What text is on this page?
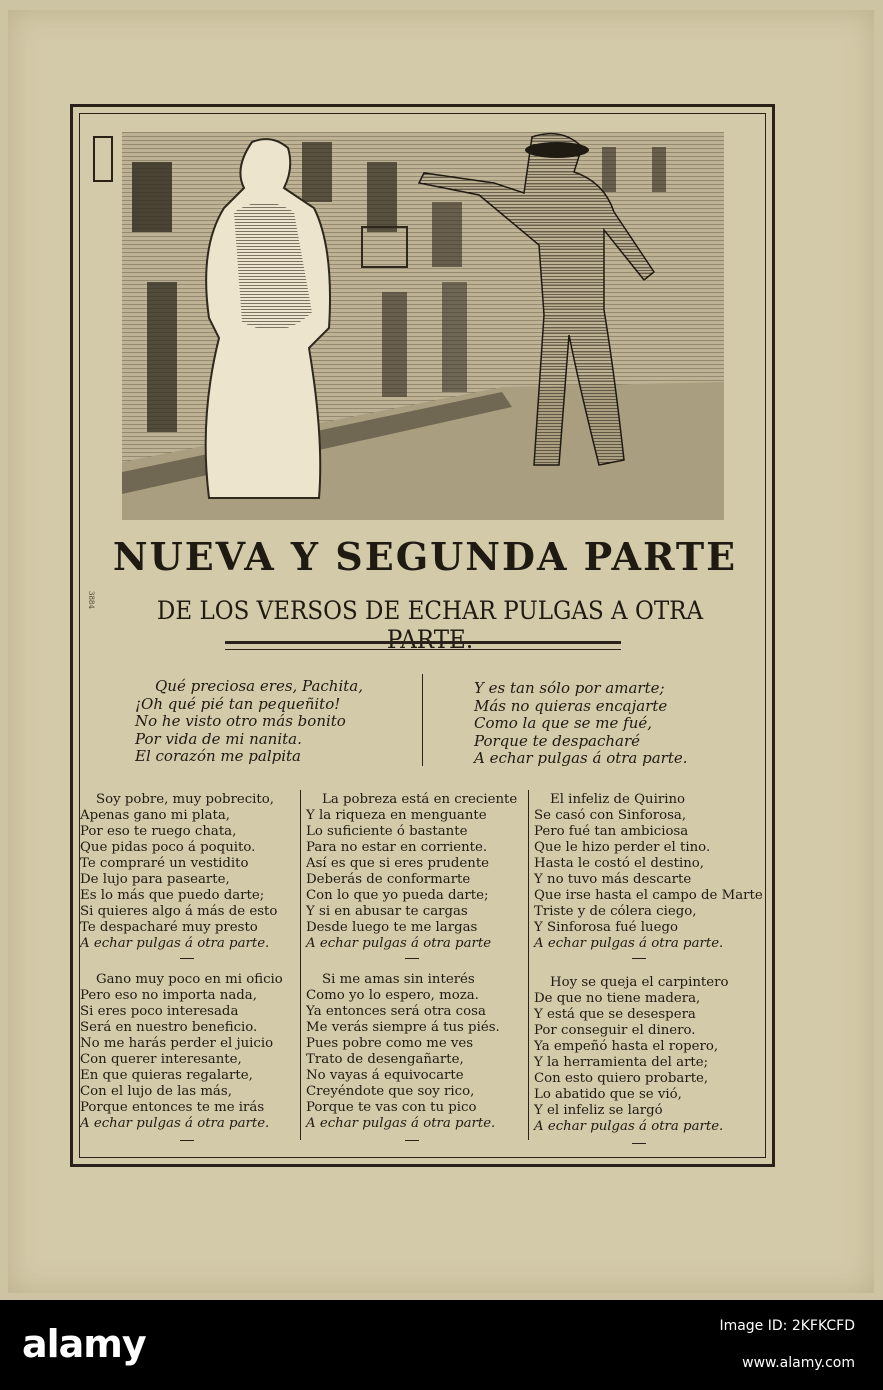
3884
NUEVA Y SEGUNDA PARTE
DE LOS VERSOS DE ECHAR PULGAS A OTRA PARTE.
Qué preciosa eres, Pachita,
¡Oh qué pié tan pequeñito!
No he visto otro más bonito
Por vida de mi nanita.
El corazón me palpita
Y es tan sólo por amarte;
Más no quieras encajarte
Como la que se me fué,
Porque te despacharé
A echar pulgas á otra parte.
Soy pobre, muy pobrecito,
Apenas gano mi plata,
Por eso te ruego chata,
Que pidas poco á poquito.
Te compraré un vestidito
De lujo para pasearte,
Es lo más que puedo darte;
Si quieres algo á más de esto
Te despacharé muy presto
A echar pulgas á otra parte.
Gano muy poco en mi oficio
Pero eso no importa nada,
Si eres poco interesada
Será en nuestro beneficio.
No me harás perder el juicio
Con querer interesante,
En que quieras regalarte,
Con el lujo de las más,
Porque entonces te me irás
A echar pulgas á otra parte.
La pobreza está en creciente
Y la riqueza en menguante
Lo suficiente ó bastante
Para no estar en corriente.
Así es que si eres prudente
Deberás de conformarte
Con lo que yo pueda darte;
Y si en abusar te cargas
Desde luego te me largas
A echar pulgas á otra parte
Si me amas sin interés
Como yo lo espero, moza.
Ya entonces será otra cosa
Me verás siempre á tus piés.
Pues pobre como me ves
Trato de desengañarte,
No vayas á equivocarte
Creyéndote que soy rico,
Porque te vas con tu pico
A echar pulgas á otra parte.
El infeliz de Quirino
Se casó con Sinforosa,
Pero fué tan ambiciosa
Que le hizo perder el tino.
Hasta le costó el destino,
Y no tuvo más descarte
Que irse hasta el campo de Marte
Triste y de cólera ciego,
Y Sinforosa fué luego
A echar pulgas á otra parte.
Hoy se queja el carpintero
De que no tiene madera,
Y está que se desespera
Por conseguir el dinero.
Ya empeñó hasta el ropero,
Y la herramienta del arte;
Con esto quiero probarte,
Lo abatido que se vió,
Y el infeliz se largó
A echar pulgas á otra parte.
alamy	Image ID: 2KFKCFD
www.alamy.com
